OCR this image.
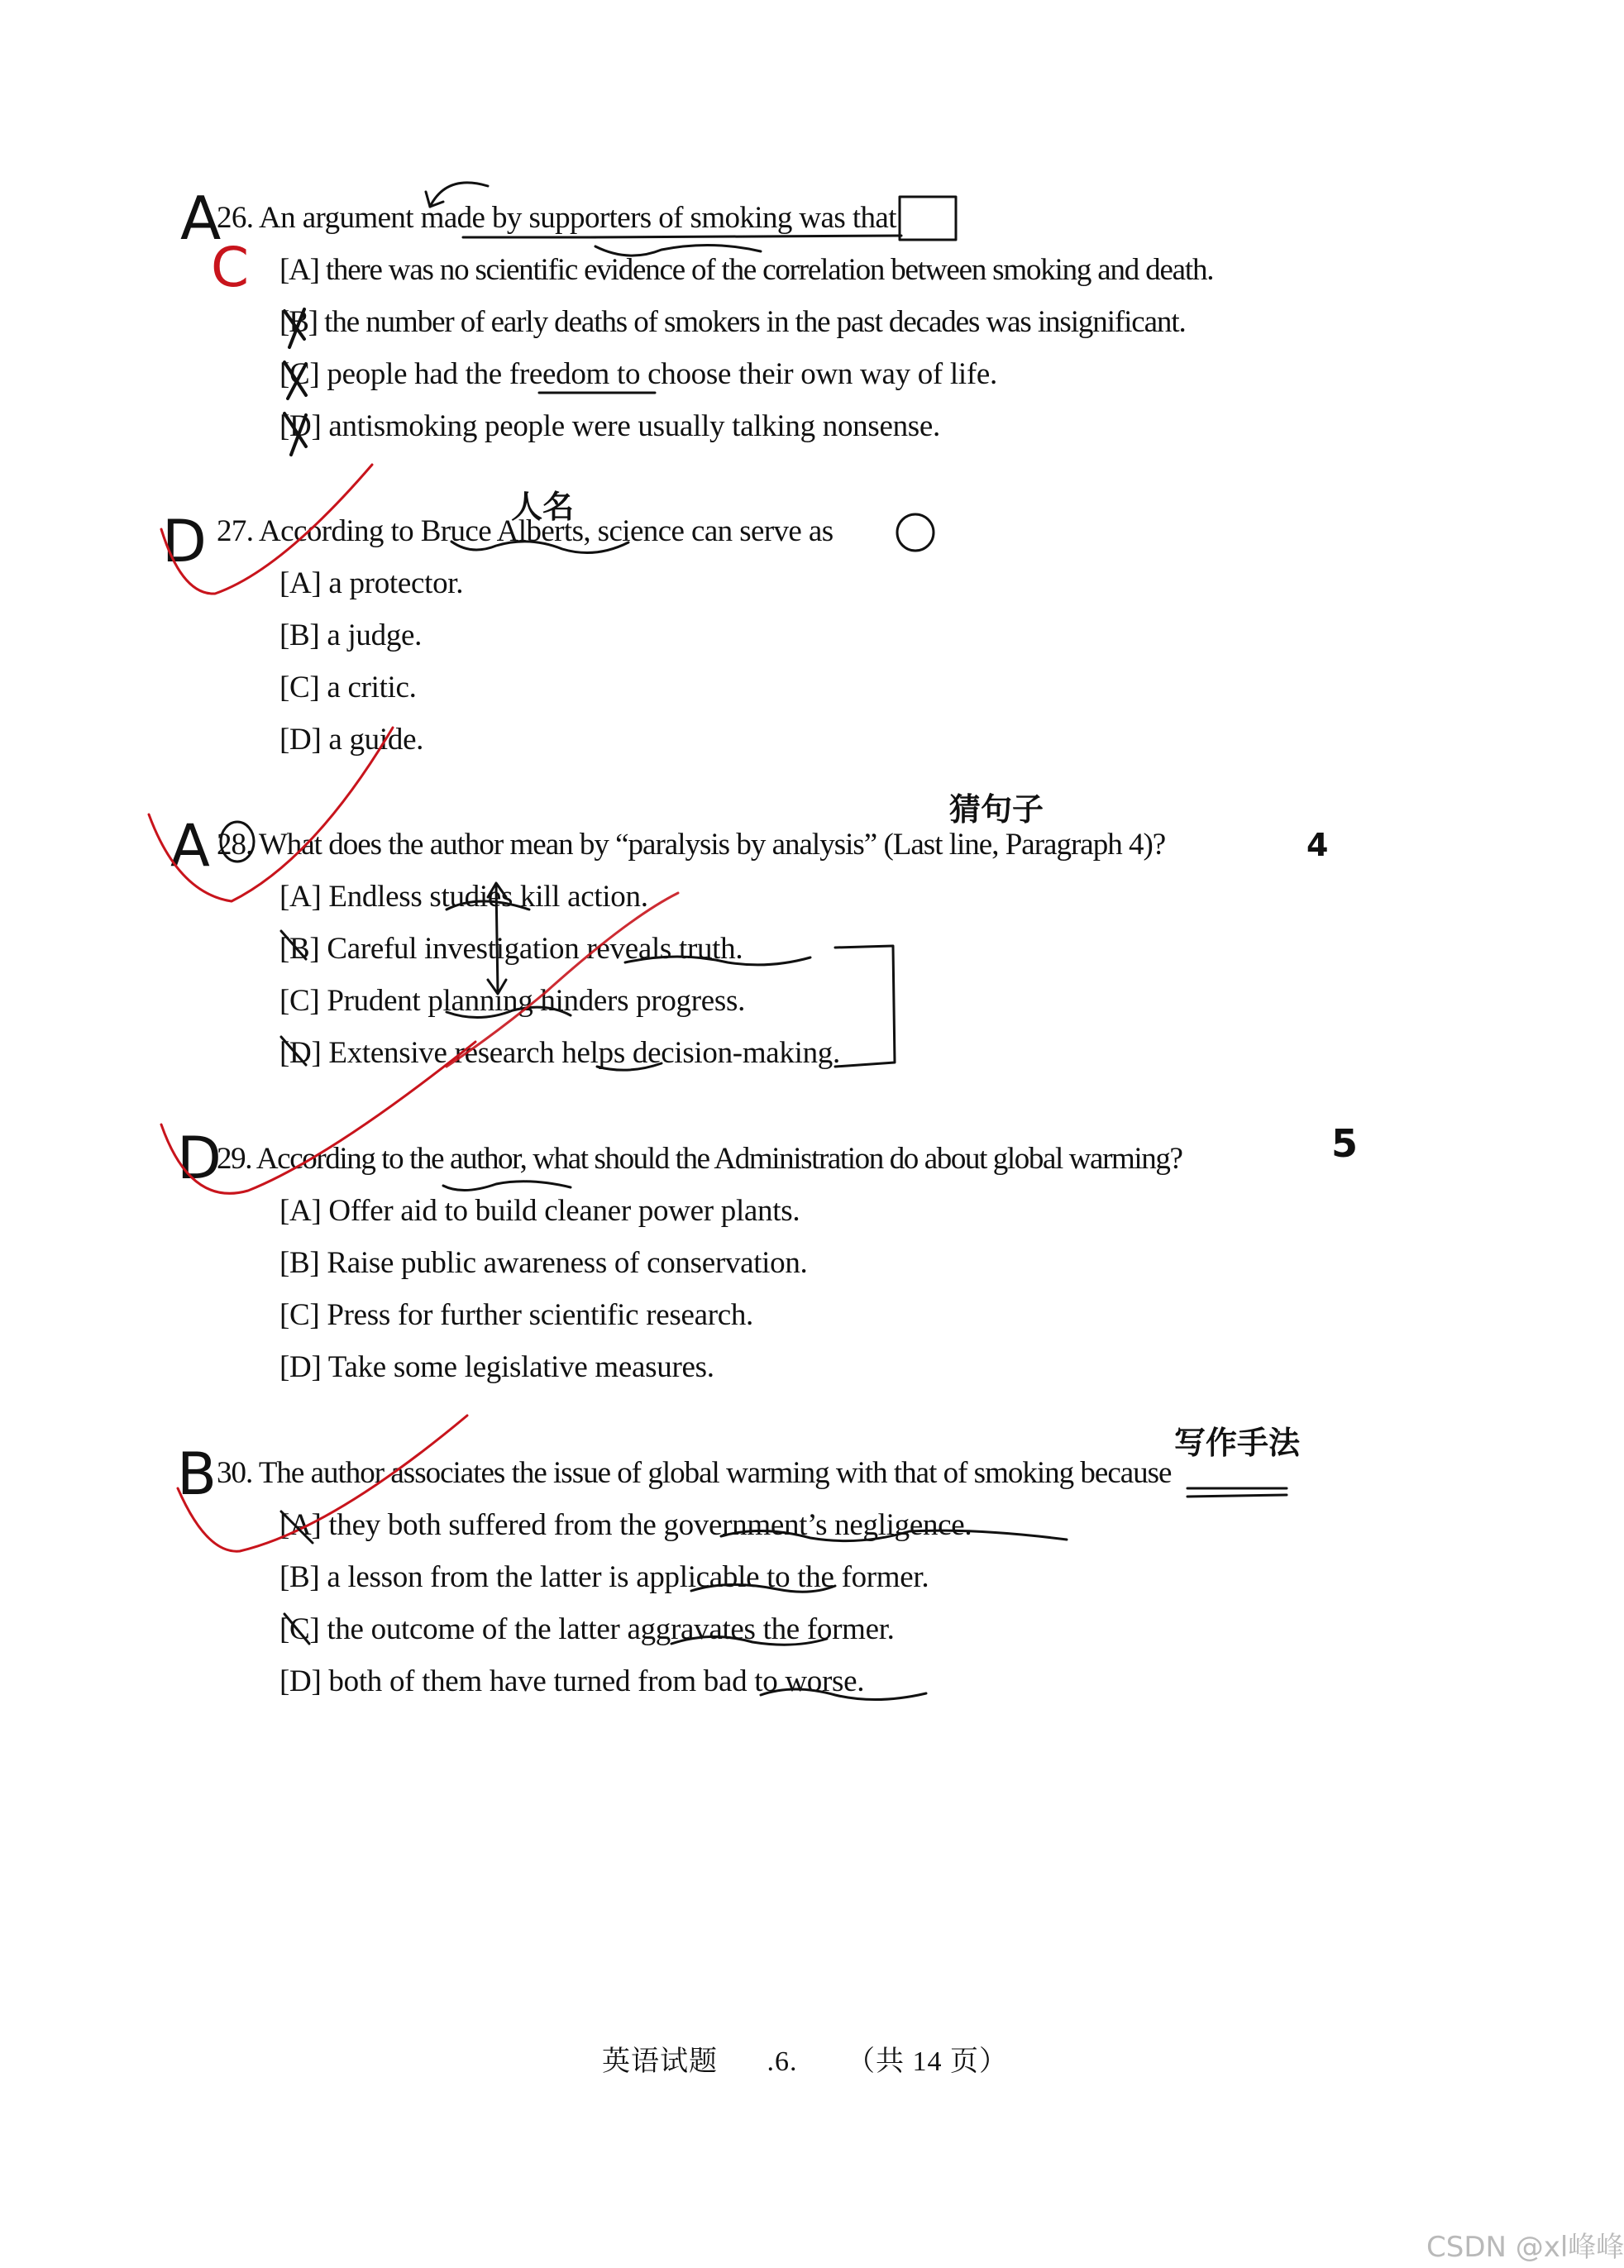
26. An argument made by supporters of smoking was that
[A] there was no scientific evidence of the correlation between smoking and death.
[B] the number of early deaths of smokers in the past decades was insignificant.
[C] people had the freedom to choose their own way of life.
[D] antismoking people were usually talking nonsense.
A
C
27. According to Bruce Alberts, science can serve as
[A] a protector.
[B] a judge.
[C] a critic.
[D] a guide.
D
人名
28. What does the author mean by “paralysis by analysis” (Last line, Paragraph 4)?
[A] Endless studies kill action.
[B] Careful investigation reveals truth.
[C] Prudent planning hinders progress.
[D] Extensive research helps decision-making.
A
猜句子
4
29. According to the author, what should the Administration do about global warming?
[A] Offer aid to build cleaner power plants.
[B] Raise public awareness of conservation.
[C] Press for further scientific research.
[D] Take some legislative measures.
D	5
30. The author associates the issue of global warming with that of smoking because
[A] they both suffered from the government’s negligence.
[B] a lesson from the latter is applicable to the former.
[C] the outcome of the latter aggravates the former.
[D] both of them have turned from bad to worse.
B	写作手法
英语试题 .6. （共 14 页）
CSDN @xl峰峰
